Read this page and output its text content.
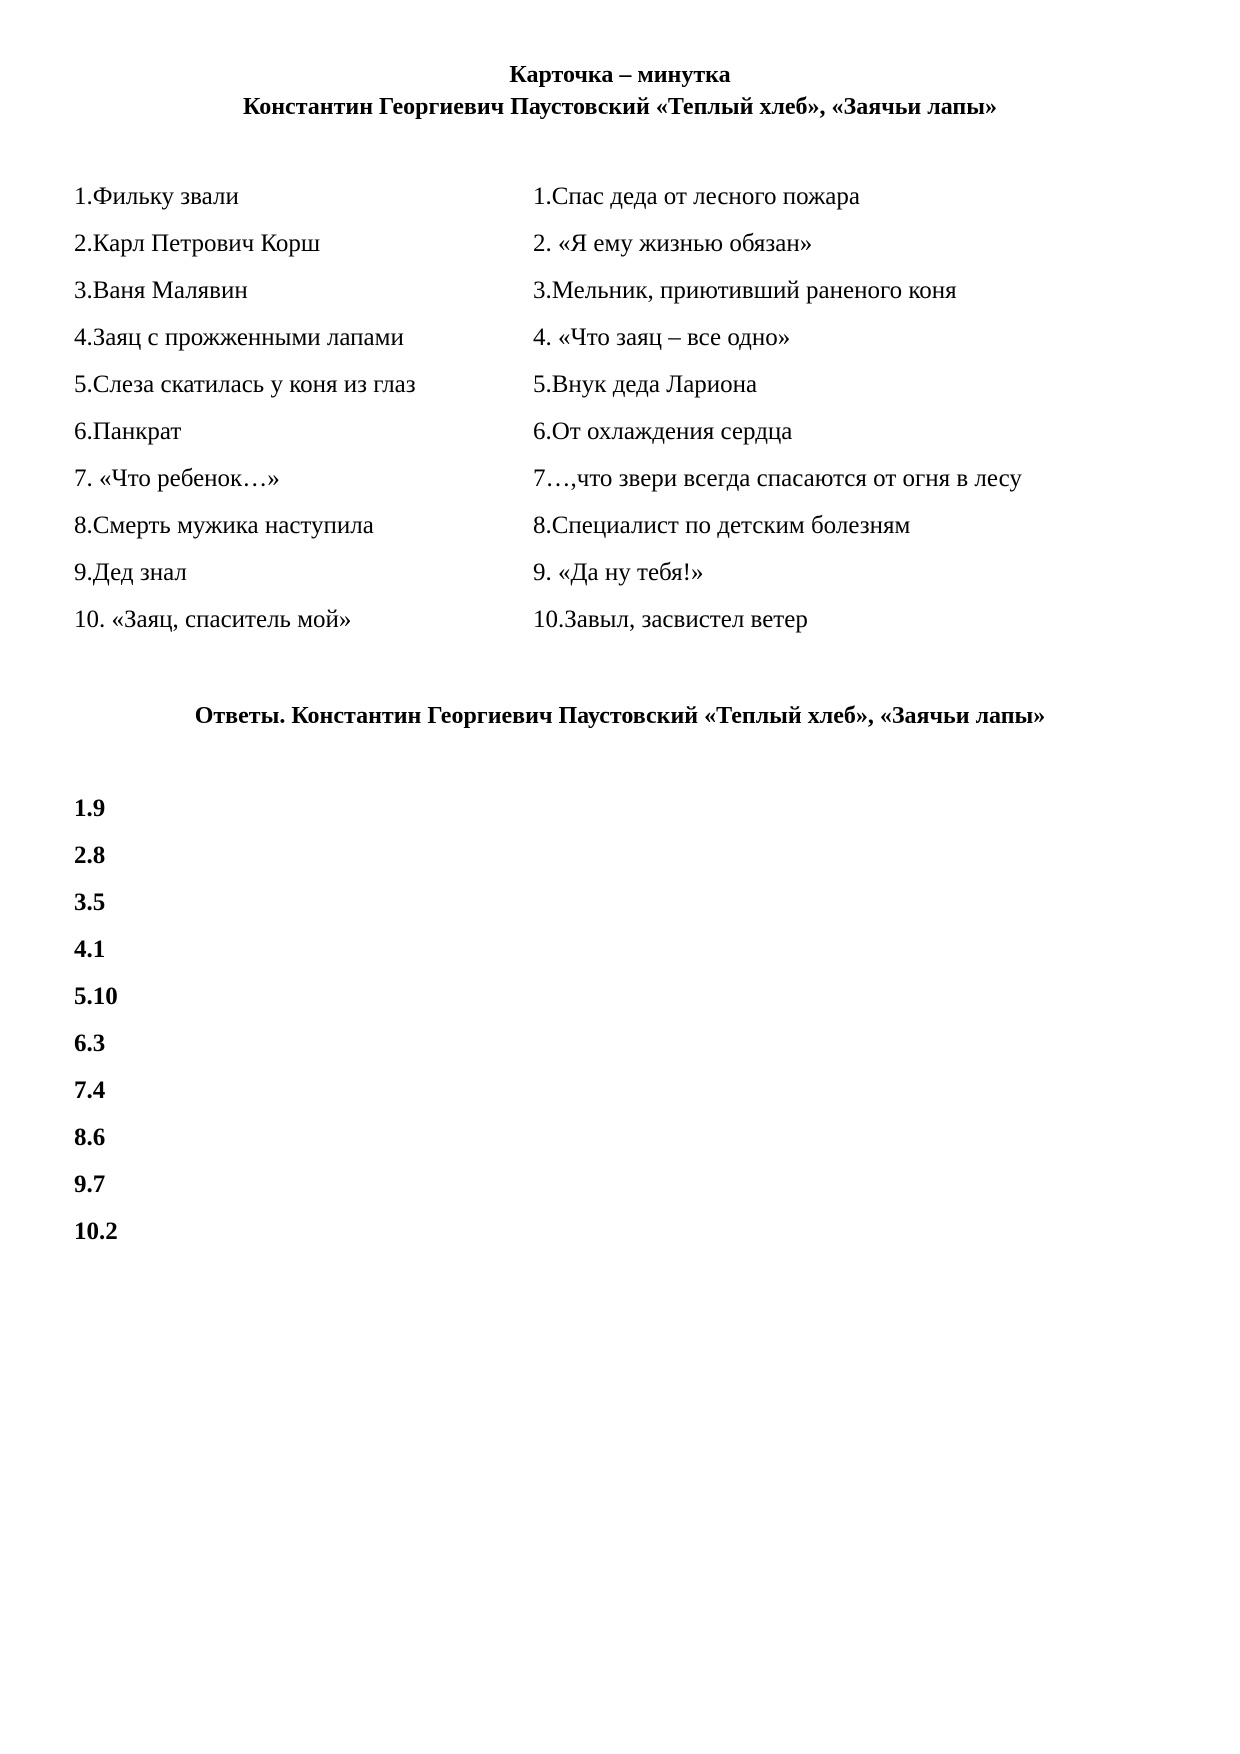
Карточка – минутка
Константин Георгиевич Паустовский «Теплый хлеб», «Заячьи лапы»
1.Фильку звали
2.Карл Петрович Корш
3.Ваня Малявин
4.Заяц с прожженными лапами
5.Слеза скатилась у коня из глаз
6.Панкрат
7. «Что ребенок…»
8.Смерть мужика наступила
9.Дед знал
10. «Заяц, спаситель мой»
1.Спас деда от лесного пожара
2. «Я ему жизнью обязан»
3.Мельник, приютивший раненого коня
4. «Что заяц – все одно»
5.Внук деда Лариона
6.От охлаждения сердца
7…,что звери всегда спасаются от огня в лесу
8.Специалист по детским болезням
9. «Да ну тебя!»
10.Завыл, засвистел ветер
Ответы. Константин Георгиевич Паустовский «Теплый хлеб», «Заячьи лапы»
1.9
2.8
3.5
4.1
5.10
6.3
7.4
8.6
9.7
10.2
